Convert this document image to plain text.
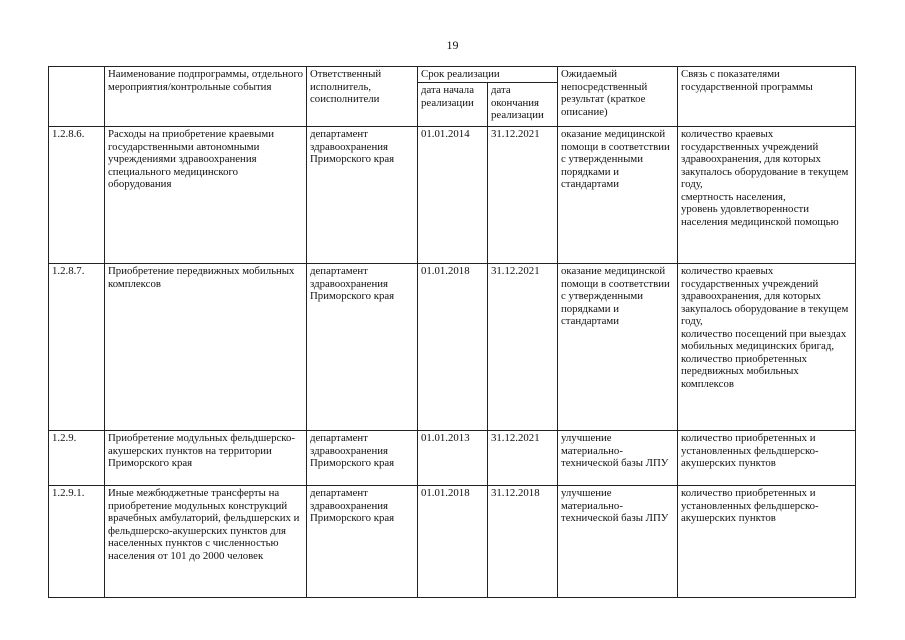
19
	Наименование подпрограммы, отдельного мероприятия/контрольные события	Ответственный исполнитель, соисполнители	Срок реализации		Ожидаемый непосредственный результат (краткое описание)	Связь с показателями государственной программы
			дата начала реализации	дата окончания реализации		
1.2.8.6.	Расходы на приобретение краевыми государственными автономными учреждениями здравоохранения специального медицинского оборудования	департамент здравоохранения Приморского края	01.01.2014	31.12.2021	оказание медицинской помощи в соответствии с утвержденными порядками и стандартами	количество краевых государственных учреждений здравоохранения, для которых закупалось оборудование в текущем году,
смертность населения,
уровень удовлетворенности населения медицинской помощью
1.2.8.7.	Приобретение передвижных мобильных комплексов	департамент здравоохранения Приморского края	01.01.2018	31.12.2021	оказание медицинской помощи в соответствии с утвержденными порядками и стандартами	количество краевых государственных учреждений здравоохранения, для которых закупалось оборудование в текущем году,
количество посещений при выездах мобильных медицинских бригад,
количество приобретенных передвижных мобильных комплексов
1.2.9.	Приобретение модульных фельдшерско-акушерских пунктов на территории Приморского края	департамент здравоохранения Приморского края	01.01.2013	31.12.2021	улучшение материально-технической базы ЛПУ	количество приобретенных и установленных фельдшерско-акушерских пунктов
1.2.9.1.	Иные межбюджетные трансферты на приобретение модульных конструкций врачебных амбулаторий, фельдшерских и фельдшерско-акушерских пунктов для населенных пунктов с численностью населения от 101 до 2000 человек	департамент здравоохранения Приморского края	01.01.2018	31.12.2018	улучшение материально-технической базы ЛПУ	количество приобретенных и установленных фельдшерско-акушерских пунктов
